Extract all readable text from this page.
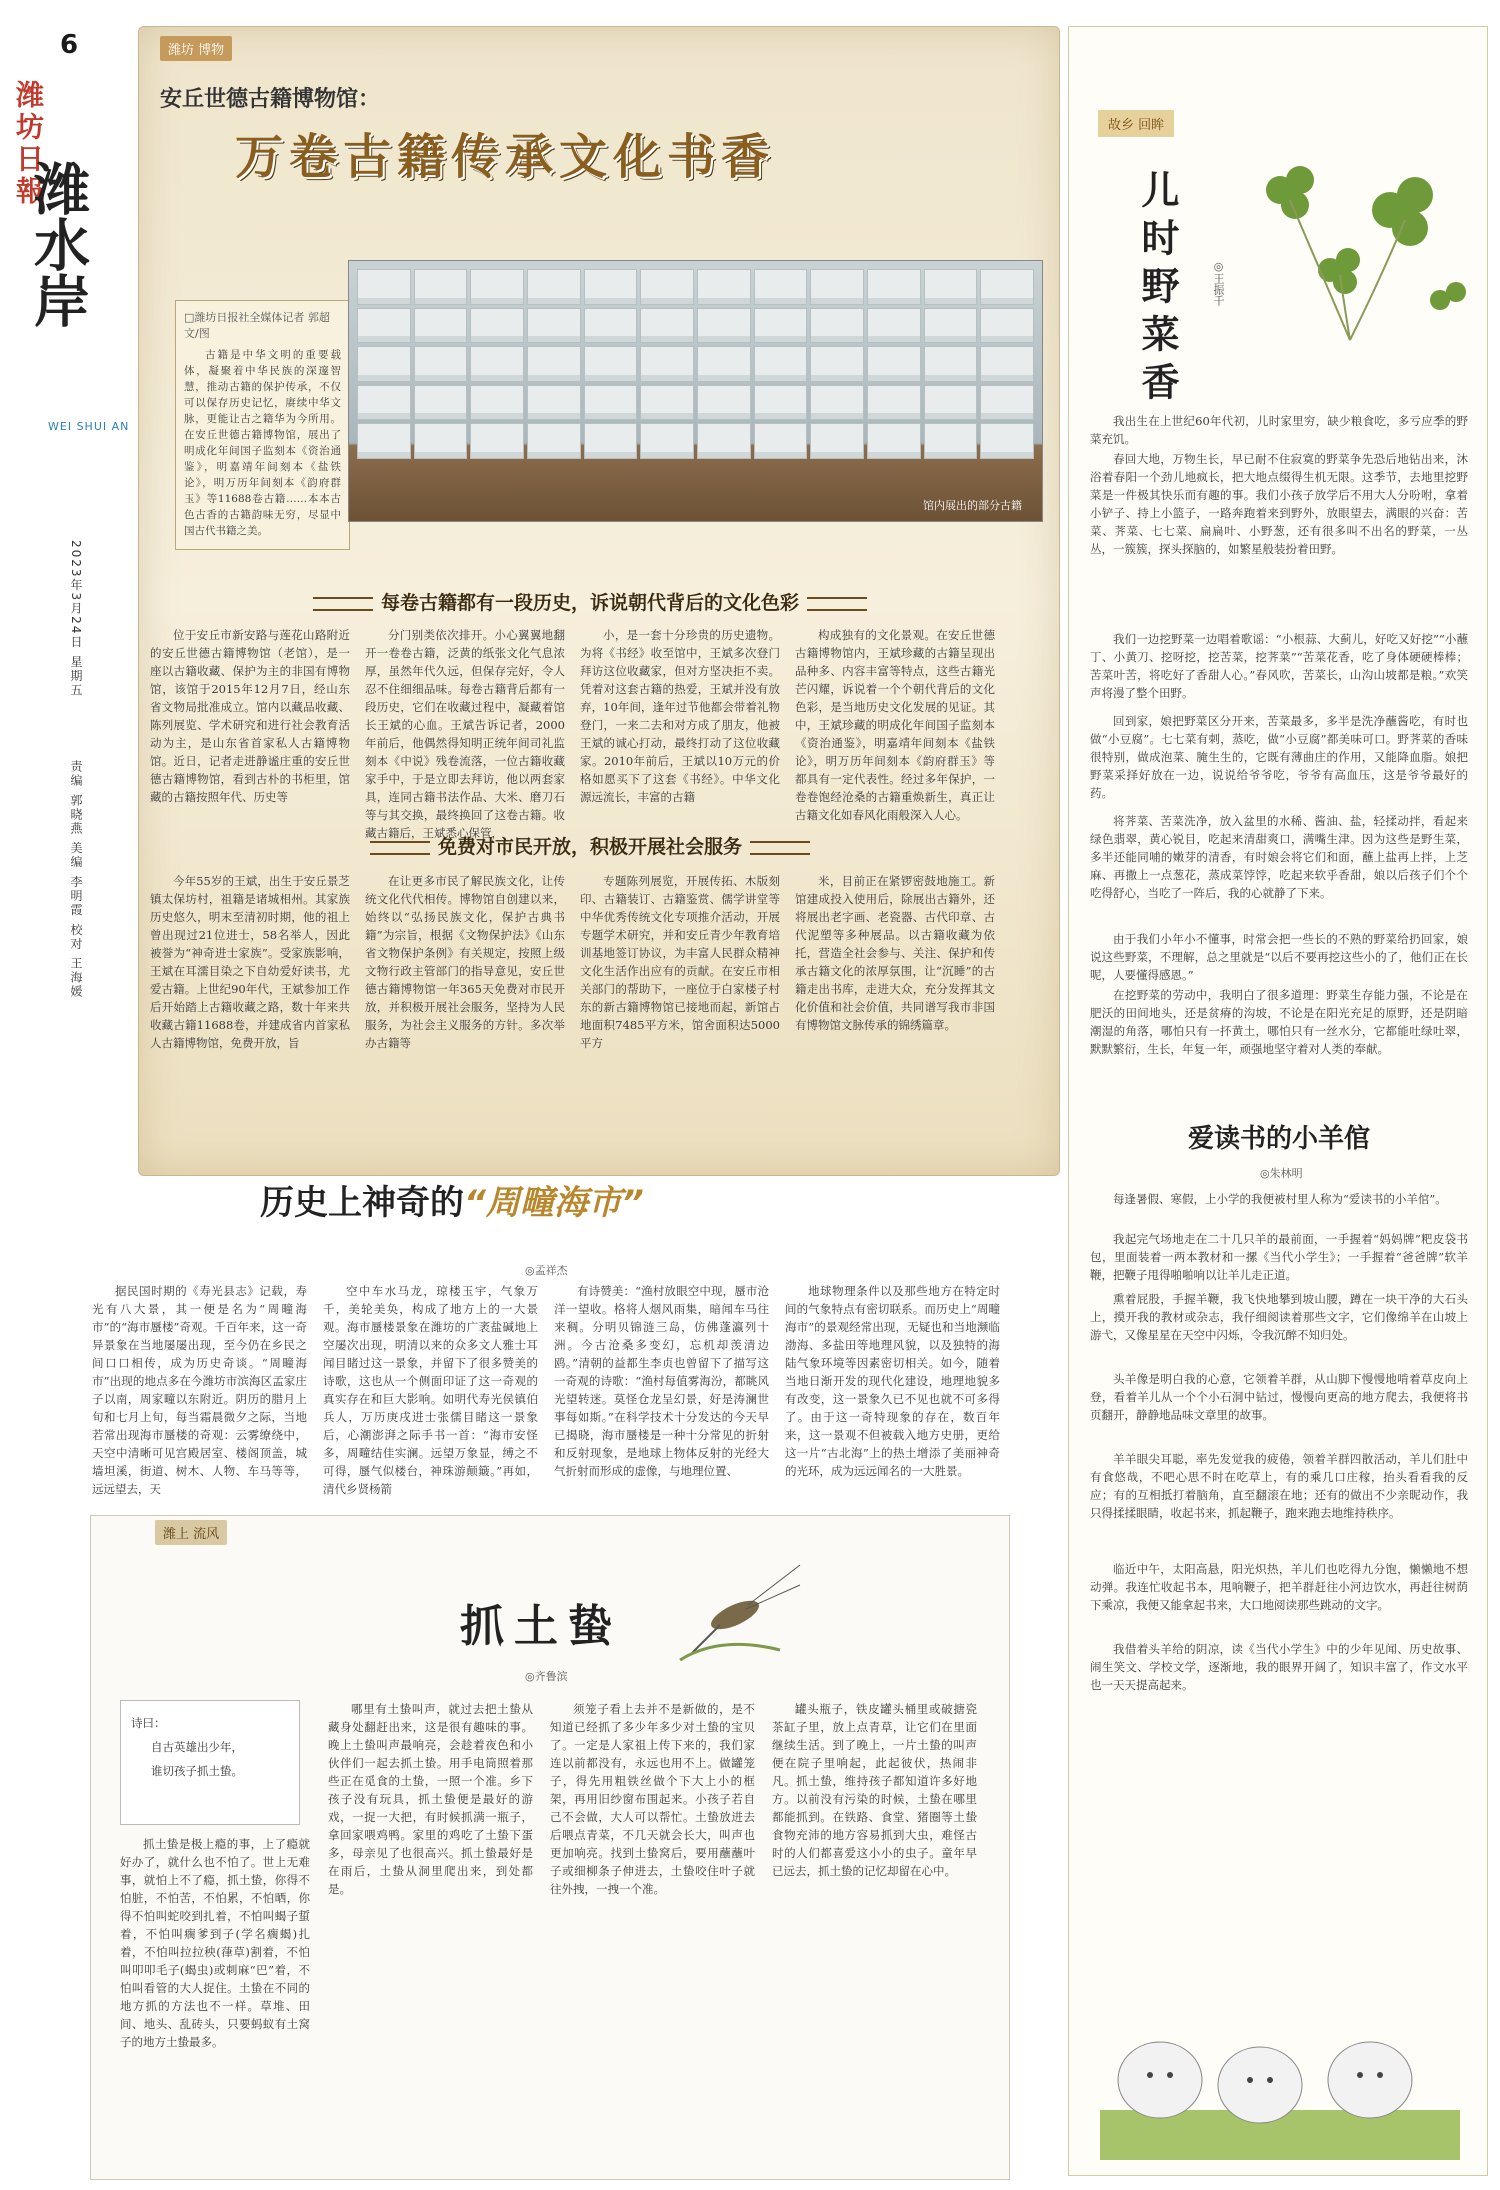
6
潍坊日報
潍水岸
WEI SHUI AN
2023年3月24日 星期五
责编 郭晓燕 美编 李明霞 校对 王海媛
潍坊 博物
安丘世德古籍博物馆：
万卷古籍传承文化书香
□潍坊日报社全媒体记者 郭超 文/图
古籍是中华文明的重要载体，凝聚着中华民族的深邃智慧，推动古籍的保护传承，不仅可以保存历史记忆，赓续中华文脉，更能让古之籍华为今所用。在安丘世德古籍博物馆，展出了明成化年间国子监刻本《资治通鉴》，明嘉靖年间刻本《盐铁论》，明万历年间刻本《韵府群玉》等11688卷古籍……本本古色古香的古籍韵味无穷，尽显中国古代书籍之美。
馆内展出的部分古籍
每卷古籍都有一段历史，诉说朝代背后的文化色彩
位于安丘市新安路与莲花山路附近的安丘世德古籍博物馆（老馆），是一座以古籍收藏、保护为主的非国有博物馆，该馆于2015年12月7日，经山东省文物局批准成立。馆内以藏品收藏、陈列展览、学术研究和进行社会教育活动为主，是山东省首家私人古籍博物馆。近日，记者走进静谧庄重的安丘世德古籍博物馆，看到古朴的书柜里，馆藏的古籍按照年代、历史等
分门别类依次排开。小心翼翼地翻开一卷卷古籍，泛黄的纸张文化气息浓厚，虽然年代久远，但保存完好，令人忍不住细细品味。每卷古籍背后都有一段历史，它们在收藏过程中，凝藏着馆长王斌的心血。王斌告诉记者，2000年前后，他偶然得知明正统年间司礼监刻本《中说》残卷流落，一位古籍收藏家手中，于是立即去拜访，他以两套家具，连同古籍书法作品、大米、磨刀石等与其交换，最终换回了这卷古籍。收藏古籍后，王斌悉心保管，
小，是一套十分珍贵的历史遗物。为将《书经》收至馆中，王斌多次登门拜访这位收藏家，但对方坚决拒不卖。凭着对这套古籍的热爱，王斌并没有放弃，10年间，逢年过节他都会带着礼物登门，一来二去和对方成了朋友，他被王斌的诚心打动，最终打动了这位收藏家。2010年前后，王斌以10万元的价格如愿买下了这套《书经》。中华文化源远流长，丰富的古籍
构成独有的文化景观。在安丘世德古籍博物馆内，王斌珍藏的古籍呈现出品种多、内容丰富等特点，这些古籍光芒闪耀，诉说着一个个朝代背后的文化色彩，是当地历史文化发展的见证。其中，王斌珍藏的明成化年间国子监刻本《资治通鉴》，明嘉靖年间刻本《盐铁论》，明万历年间刻本《韵府群玉》等都具有一定代表性。经过多年保护，一卷卷饱经沧桑的古籍重焕新生，真正让古籍文化如春风化雨般深入人心。
免费对市民开放，积极开展社会服务
今年55岁的王斌，出生于安丘景芝镇太保坊村，祖籍是诸城相州。其家族历史悠久，明末至清初时期，他的祖上曾出现过21位进士，58名举人，因此被誉为“神奇进士家族”。受家族影响，王斌在耳濡目染之下自幼爱好读书，尤爱古籍。上世纪90年代，王斌参加工作后开始踏上古籍收藏之路，数十年来共收藏古籍11688卷，并建成省内首家私人古籍博物馆，免费开放，旨
在让更多市民了解民族文化，让传统文化代代相传。博物馆自创建以来，始终以“弘扬民族文化，保护古典书籍”为宗旨，根据《文物保护法》《山东省文物保护条例》有关规定，按照上级文物行政主管部门的指导意见，安丘世德古籍博物馆一年365天免费对市民开放，并积极开展社会服务，坚持为人民服务，为社会主义服务的方针。多次举办古籍等
专题陈列展览，开展传拓、木版刻印、古籍装订、古籍鉴赏、儒学讲堂等中华优秀传统文化专项推介活动，开展专题学术研究，并和安丘青少年教育培训基地签订协议，为丰富人民群众精神文化生活作出应有的贡献。在安丘市相关部门的帮助下，一座位于白家楼子村东的新古籍博物馆已接地而起，新馆占地面积7485平方米，馆舍面积达5000平方
米，目前正在紧锣密鼓地施工。新馆建成投入使用后，除展出古籍外，还将展出老字画、老瓷器、古代印章、古代泥塑等多种展品。以古籍收藏为依托，营造全社会参与、关注、保护和传承古籍文化的浓厚氛围，让“沉睡”的古籍走出书库，走进大众，充分发挥其文化价值和社会价值，共同谱写我市非国有博物馆文脉传承的锦绣篇章。
历史上神奇的“周疃海市”
◎孟祥杰
据民国时期的《寿光县志》记载，寿光有八大景，其一便是名为“周疃海市”的“海市蜃楼”奇观。千百年来，这一奇异景象在当地屡屡出现，至今仍在乡民之间口口相传，成为历史奇谈。“周疃海市”出现的地点多在今潍坊市滨海区孟家庄子以南，周家疃以东附近。阴历的腊月上旬和七月上旬，每当霜晨微夕之际，当地若常出现海市蜃楼的奇观：云雾缭绕中，天空中清晰可见宫殿居室、楼阁顶盖，城墙坦溪，街道、树木、人物、车马等等，远远望去，天
空中车水马龙，琼楼玉宇，气象万千，美轮美奂，构成了地方上的一大景观。海市蜃楼景象在潍坊的广袤盐碱地上空屡次出现，明清以来的众多文人雅士耳闻目睹过这一景象，并留下了很多赞美的诗歌，这也从一个侧面印证了这一奇观的真实存在和巨大影响。如明代寿光侯镇伯兵人，万历庚戌进士张儒目睹这一景象后，心潮澎湃之际手书一首：“海市安怪多，周疃结佳实澜。远望万象显，缚之不可得，蜃气似楼台，神珠游颠簸。”再如，清代乡贤杨箭
有诗赞美：“渔村放眼空中现，蜃市沧洋一望收。格将人烟风雨集，暗闻车马往来稠。分明贝锦涟三岛，仿佛蓬瀛列十洲。今古沧桑多变幻，忘机却羡清边鸥。”清朝的益都生李贞也曾留下了描写这一奇观的诗歌：“渔村每值雾海汾，都眺风光望转迷。莫怪仓龙呈幻景，好是涛澜世事每如斯。”在科学技术十分发达的今天早已揭晓，海市蜃楼是一种十分常见的折射和反射现象，是地球上物体反射的光经大气折射而形成的虚像，与地理位置、
地球物理条件以及那些地方在特定时间的气象特点有密切联系。而历史上“周疃海市”的景观经常出现，无疑也和当地濒临渤海、多盐田等地理风貌，以及独特的海陆气象环境等因素密切相关。如今，随着当地日渐开发的现代化建设，地理地貌多有改变，这一景象久已不见也就不可多得了。由于这一奇特现象的存在，数百年来，这一景观不但被载入地方史册，更给这一片“古北海”上的热土增添了美丽神奇的光环，成为远远闻名的一大胜景。
潍上 流风
抓土蛰
◎齐鲁滨
诗曰：
自古英雄出少年，
谁切孩子抓土蛰。
抓土蛰是极上瘾的事，上了瘾就好办了，就什么也不怕了。世上无难事，就怕上不了瘾，抓土蛰，你得不怕脏，不怕苦，不怕累，不怕晒，你得不怕叫蛇咬到扎着，不怕叫蝎子蜇着，不怕叫瘸爹到子(学名瘸蝎)扎着，不怕叫拉拉秧(葎草)割着，不怕叫叩叩毛子(蝎虫)或刺麻“巴”着，不怕叫看管的大人捉住。土蛰在不同的地方抓的方法也不一样。草堆、田间、地头、乱砖头，只要蚂蚁有土窝子的地方土蛰最多。
哪里有土蛰叫声，就过去把土蛰从藏身处翻赶出来，这是很有趣味的事。晚上土蛰叫声最响亮，会趁着夜色和小伙伴们一起去抓土蛰。用手电筒照着那些正在觅食的土蛰，一照一个准。乡下孩子没有玩具，抓土蛰便是最好的游戏，一捉一大把，有时候抓满一瓶子，拿回家喂鸡鸭。家里的鸡吃了土蛰下蛋多，母亲见了也很高兴。抓土蛰最好是在雨后，土蛰从洞里爬出来，到处都是。
须笼子看上去并不是新做的，是不知道已经抓了多少年多少对土蛰的宝贝了。一定是人家祖上传下来的，我们家连以前都没有，永远也用不上。做罐笼子，得先用粗铁丝做个下大上小的框架，再用旧纱窗布围起来。小孩子若自己不会做，大人可以帮忙。土蛰放进去后喂点青菜，不几天就会长大，叫声也更加响亮。找到土蛰窝后，要用蘸蘸叶子或细柳条子伸进去，土蛰咬住叶子就往外拽，一拽一个准。
罐头瓶子，铁皮罐头桶里或破搪瓷茶缸子里，放上点青草，让它们在里面继续生活。到了晚上，一片土蛰的叫声便在院子里响起，此起彼伏，热闹非凡。抓土蛰，维持孩子都知道许多好地方。以前没有污染的时候，土蛰在哪里都能抓到。在铁路、食堂、猪圈等土蛰食物充沛的地方容易抓到大虫，难怪古时的人们都喜爱这小小的虫子。童年早已远去，抓土蛰的记忆却留在心中。
故乡 回眸
儿时野菜香	◎王振千
我出生在上世纪60年代初，儿时家里穷，缺少粮食吃，多亏应季的野菜充饥。
春回大地，万物生长，早已耐不住寂寞的野菜争先恐后地钻出来，沐浴着春阳一个劲儿地疯长，把大地点缀得生机无限。这季节，去地里挖野菜是一件极其快乐而有趣的事。我们小孩子放学后不用大人分吩咐，拿着小铲子、持上小篮子，一路奔跑着来到野外，放眼望去，满眼的兴奋：苦菜、荠菜、七七菜、扁扁叶、小野葱，还有很多叫不出名的野菜，一丛丛，一簇簇，探头探脑的，如繁星般装扮着田野。
我们一边挖野菜一边唱着歌谣：“小根蒜、大蓟儿，好吃又好挖”“小蘸丁、小黄刀、挖呀挖，挖苦菜，挖荠菜”“苦菜花香，吃了身体硬硬棒棒；苦菜叶苦，将吃好了香甜人心。”春风吹，苦菜长，山沟山坡都是粮。”欢笑声将漫了整个田野。
回到家，娘把野菜区分开来，苦菜最多，多半是洗净蘸酱吃，有时也做“小豆腐”。七七菜有刺，蒸吃，做“小豆腐”都美味可口。野荠菜的香味很特别，做成泡菜、腌生生的，它既有薄曲庄的作用，又能降血脂。娘把野菜采择好放在一边，说说给爷爷吃，爷爷有高血压，这是爷爷最好的药。
将荠菜、苦菜洗净，放入盆里的水稀、酱油、盐，轻揉动拌，看起来绿色翡翠，黄心锐目，吃起来清甜爽口，满嘴生津。因为这些是野生菜，多半还能同哺的嫩芽的清香，有时娘会将它们和面，蘸上盐再上拌，上芝麻、再撒上一点葱花，蒸成菜饽饽，吃起来软乎香甜，娘以后孩子们个个吃得舒心，当吃了一阵后，我的心就静了下来。
由于我们小年小不懂事，时常会把一些长的不熟的野菜给扔回家，娘说这些野菜，不理解，总之里就是“以后不要再挖这些小的了，他们正在长呢，人要懂得感恩。”
在挖野菜的劳动中，我明白了很多道理：野菜生存能力强，不论是在肥沃的田间地头，还是贫瘠的沟坡，不论是在阳光充足的原野，还是阴暗潮湿的角落，哪怕只有一抔黄土，哪怕只有一丝水分，它都能吐绿吐翠，默默繁衍，生长，年复一年，顽强地坚守着对人类的奉献。
爱读书的小羊倌
◎朱林明
每逢暑假、寒假，上小学的我便被村里人称为“爱读书的小羊倌”。
我起完气场地走在二十几只羊的最前面，一手握着“妈妈牌”粑皮袋书包，里面装着一两本教材和一摞《当代小学生》；一手握着“爸爸牌”软羊鞭，把鞭子甩得啪啪响以让羊儿走正道。
熏着屁股，手握羊鞭，我飞快地攀到坡山腰，蹲在一块干净的大石头上，摸开我的教材或杂志，我仔细阅读着那些文字，它们像绵羊在山坡上游弋，又像星星在天空中闪烁，令我沉醉不知归处。
头羊像是明白我的心意，它领着羊群，从山脚下慢慢地啃着草皮向上登，看着羊儿从一个个小石洞中钻过，慢慢向更高的地方爬去，我便将书页翻开，静静地品味文章里的故事。
羊羊眼尖耳聪，率先发觉我的疲倦，领着羊群四散活动，羊儿们肚中有食悠哉，不吧心思不时在吃草上，有的乘几口庄稼，抬头看看我的反应；有的互相抵打着脑角，直至翻滚在地；还有的做出不少亲昵动作，我只得揉揉眼睛，收起书来，抓起鞭子，跑来跑去地维持秩序。
临近中午，太阳高悬，阳光炽热，羊儿们也吃得九分饱，懒懒地不想动弹。我连忙收起书本，甩响鞭子，把羊群赶往小河边饮水，再赶往树荫下乘凉，我便又能拿起书来，大口地阅读那些跳动的文字。
我借着头羊给的阴凉，读《当代小学生》中的少年见闻、历史故事、闹生笑文、学校文学，逐渐地，我的眼界开阔了，知识丰富了，作文水平也一天天提高起来。
